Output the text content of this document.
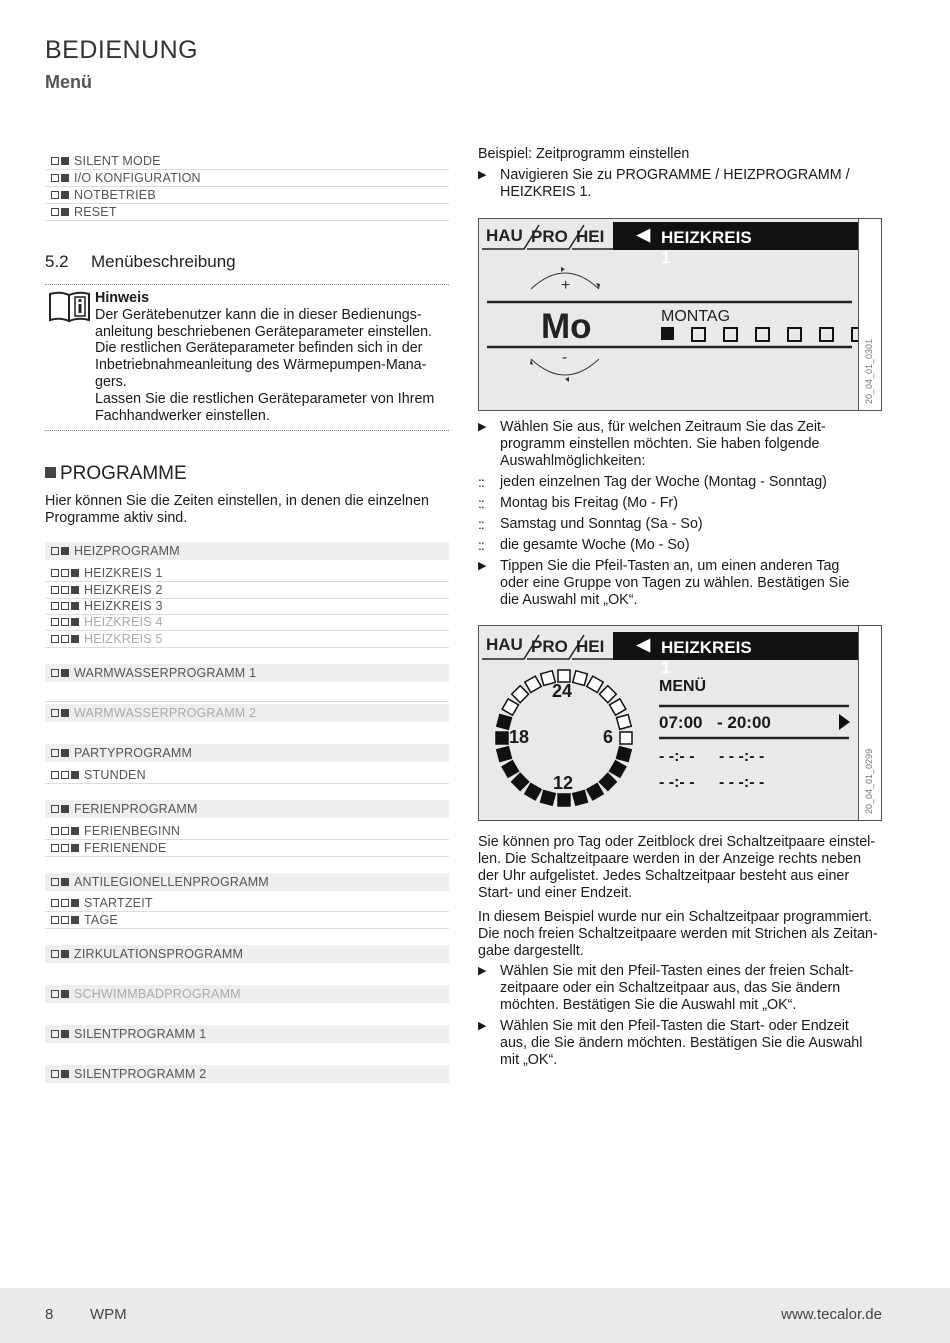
BEDIENUNG
Menü
SILENT MODE
I/O KONFIGURATION
NOTBETRIEB
RESET
5.2 Menübeschreibung
Hinweis
Der Gerätebenutzer kann die in dieser Bedienungs-
anleitung beschriebenen Geräteparameter einstellen.
Die restlichen Geräteparameter befinden sich in der
Inbetriebnahmeanleitung des Wärmepumpen-Mana-
gers.
Lassen Sie die restlichen Geräteparameter von Ihrem
Fachhandwerker einstellen.
PROGRAMME
Hier können Sie die Zeiten einstellen, in denen die einzelnen
Programme aktiv sind.
HEIZPROGRAMM
HEIZKREIS 1
HEIZKREIS 2
HEIZKREIS 3
HEIZKREIS 4
HEIZKREIS 5
WARMWASSERPROGRAMM 1
WARMWASSERPROGRAMM 2
PARTYPROGRAMM
STUNDEN
FERIENPROGRAMM
FERIENBEGINN
FERIENENDE
ANTILEGIONELLENPROGRAMM
STARTZEIT
TAGE
ZIRKULATIONSPROGRAMM
SCHWIMMBADPROGRAMM
SILENTPROGRAMM 1
SILENTPROGRAMM 2
Beispiel: Zeitprogramm einstellen
▶ Navigieren Sie zu PROGRAMME / HEIZPROGRAMM /
HEIZKREIS 1.
HAU PRO HEI ◀ HEIZKREIS 1
+
-
Mo	MONTAG
20_04_01_0301
▶ Wählen Sie aus, für welchen Zeitraum Sie das Zeit-
programm einstellen möchten. Sie haben folgende
Auswahlmöglichkeiten:
::	jeden einzelnen Tag der Woche (Montag - Sonntag)
::	Montag bis Freitag (Mo - Fr)
::	Samstag und Sonntag (Sa - So)
::	die gesamte Woche (Mo - So)
▶ Tippen Sie die Pfeil-Tasten an, um einen anderen Tag
oder eine Gruppe von Tagen zu wählen. Bestätigen Sie
die Auswahl mit „OK“.
HAU PRO HEI ◀ HEIZKREIS 1
24
18	6
12
MENÜ
07:00 - 20:00
- -:- - - - -:- -
- -:- - - - -:- -	20_04_01_0299
Sie können pro Tag oder Zeitblock drei Schaltzeitpaare einstel-
len. Die Schaltzeitpaare werden in der Anzeige rechts neben
der Uhr aufgelistet. Jedes Schaltzeitpaar besteht aus einer
Start- und einer Endzeit.
In diesem Beispiel wurde nur ein Schaltzeitpaar programmiert.
Die noch freien Schaltzeitpaare werden mit Strichen als Zeitan-
gabe dargestellt.
▶ Wählen Sie mit den Pfeil-Tasten eines der freien Schalt-
zeitpaare oder ein Schaltzeitpaar aus, das Sie ändern
möchten. Bestätigen Sie die Auswahl mit „OK“.
▶ Wählen Sie mit den Pfeil-Tasten die Start- oder Endzeit
aus, die Sie ändern möchten. Bestätigen Sie die Auswahl
mit „OK“.
8 WPM	www.tecalor.de
